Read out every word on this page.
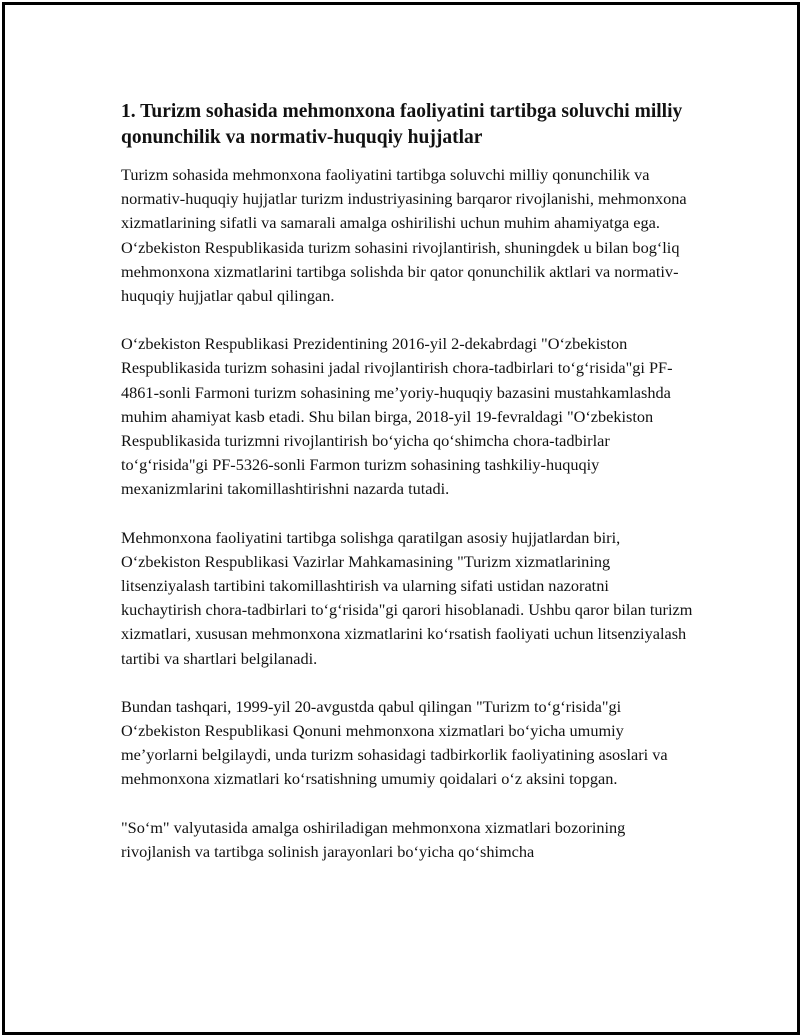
1. Turizm sohasida mehmonxona faoliyatini tartibga soluvchi milliy qonunchilik va normativ-huquqiy hujjatlar

Turizm sohasida mehmonxona faoliyatini tartibga soluvchi milliy qonunchilik va normativ-huquqiy hujjatlar turizm industriyasining barqaror rivojlanishi, mehmonxona xizmatlarining sifatli va samarali amalga oshirilishi uchun muhim ahamiyatga ega. O‘zbekiston Respublikasida turizm sohasini rivojlantirish, shuningdek u bilan bog‘liq mehmonxona xizmatlarini tartibga solishda bir qator qonunchilik aktlari va normativ-huquqiy hujjatlar qabul qilingan.

O‘zbekiston Respublikasi Prezidentining 2016-yil 2-dekabrdagi "O‘zbekiston Respublikasida turizm sohasini jadal rivojlantirish chora-tadbirlari to‘g‘risida"gi PF-4861-sonli Farmoni turizm sohasining me’yoriy-huquqiy bazasini mustahkamlashda muhim ahamiyat kasb etadi. Shu bilan birga, 2018-yil 19-fevraldagi "O‘zbekiston Respublikasida turizmni rivojlantirish bo‘yicha qo‘shimcha chora-tadbirlar to‘g‘risida"gi PF-5326-sonli Farmon turizm sohasining tashkiliy-huquqiy mexanizmlarini takomillashtirishni nazarda tutadi.

Mehmonxona faoliyatini tartibga solishga qaratilgan asosiy hujjatlardan biri, O‘zbekiston Respublikasi Vazirlar Mahkamasining "Turizm xizmatlarining litsenziyalash tartibini takomillashtirish va ularning sifati ustidan nazoratni kuchaytirish chora-tadbirlari to‘g‘risida"gi qarori hisoblanadi. Ushbu qaror bilan turizm xizmatlari, xususan mehmonxona xizmatlarini ko‘rsatish faoliyati uchun litsenziyalash tartibi va shartlari belgilanadi.

Bundan tashqari, 1999-yil 20-avgustda qabul qilingan "Turizm to‘g‘risida"gi O‘zbekiston Respublikasi Qonuni mehmonxona xizmatlari bo‘yicha umumiy me’yorlarni belgilaydi, unda turizm sohasidagi tadbirkorlik faoliyatining asoslari va mehmonxona xizmatlari ko‘rsatishning umumiy qoidalari o‘z aksini topgan.

"So‘m" valyutasida amalga oshiriladigan mehmonxona xizmatlari bozorining rivojlanish va tartibga solinish jarayonlari bo‘yicha qo‘shimcha
